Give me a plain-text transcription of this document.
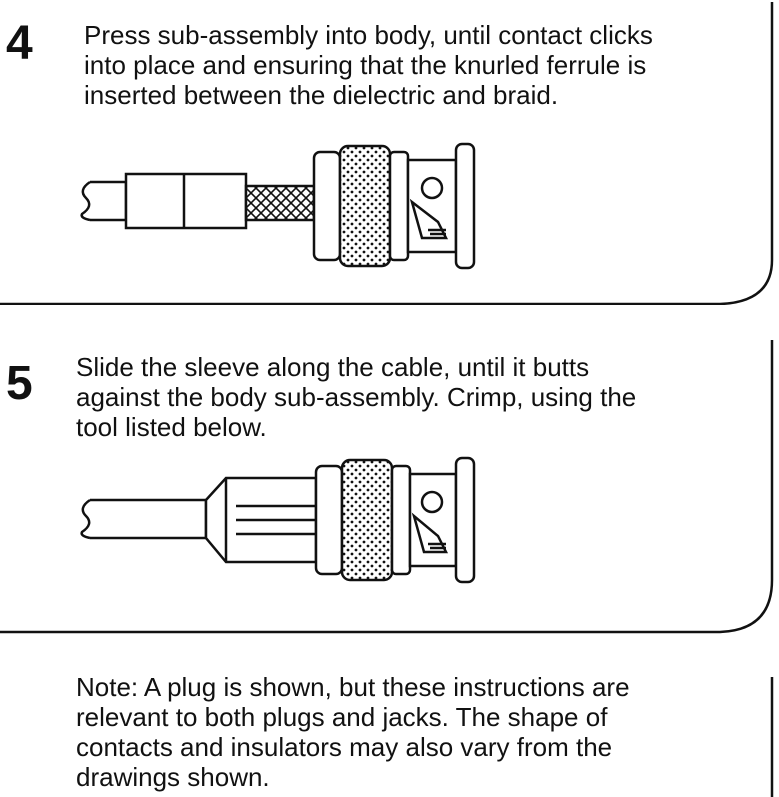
4 Press sub-assembly into body, until contact clicks
into place and ensuring that the knurled ferrule is
inserted between the dielectric and braid.

5 Slide the sleeve along the cable, until it butts
against the body sub-assembly. Crimp, using the
tool listed below.

Note: A plug is shown, but these instructions are
relevant to both plugs and jacks. The shape of
contacts and insulators may also vary from the
drawings shown.
